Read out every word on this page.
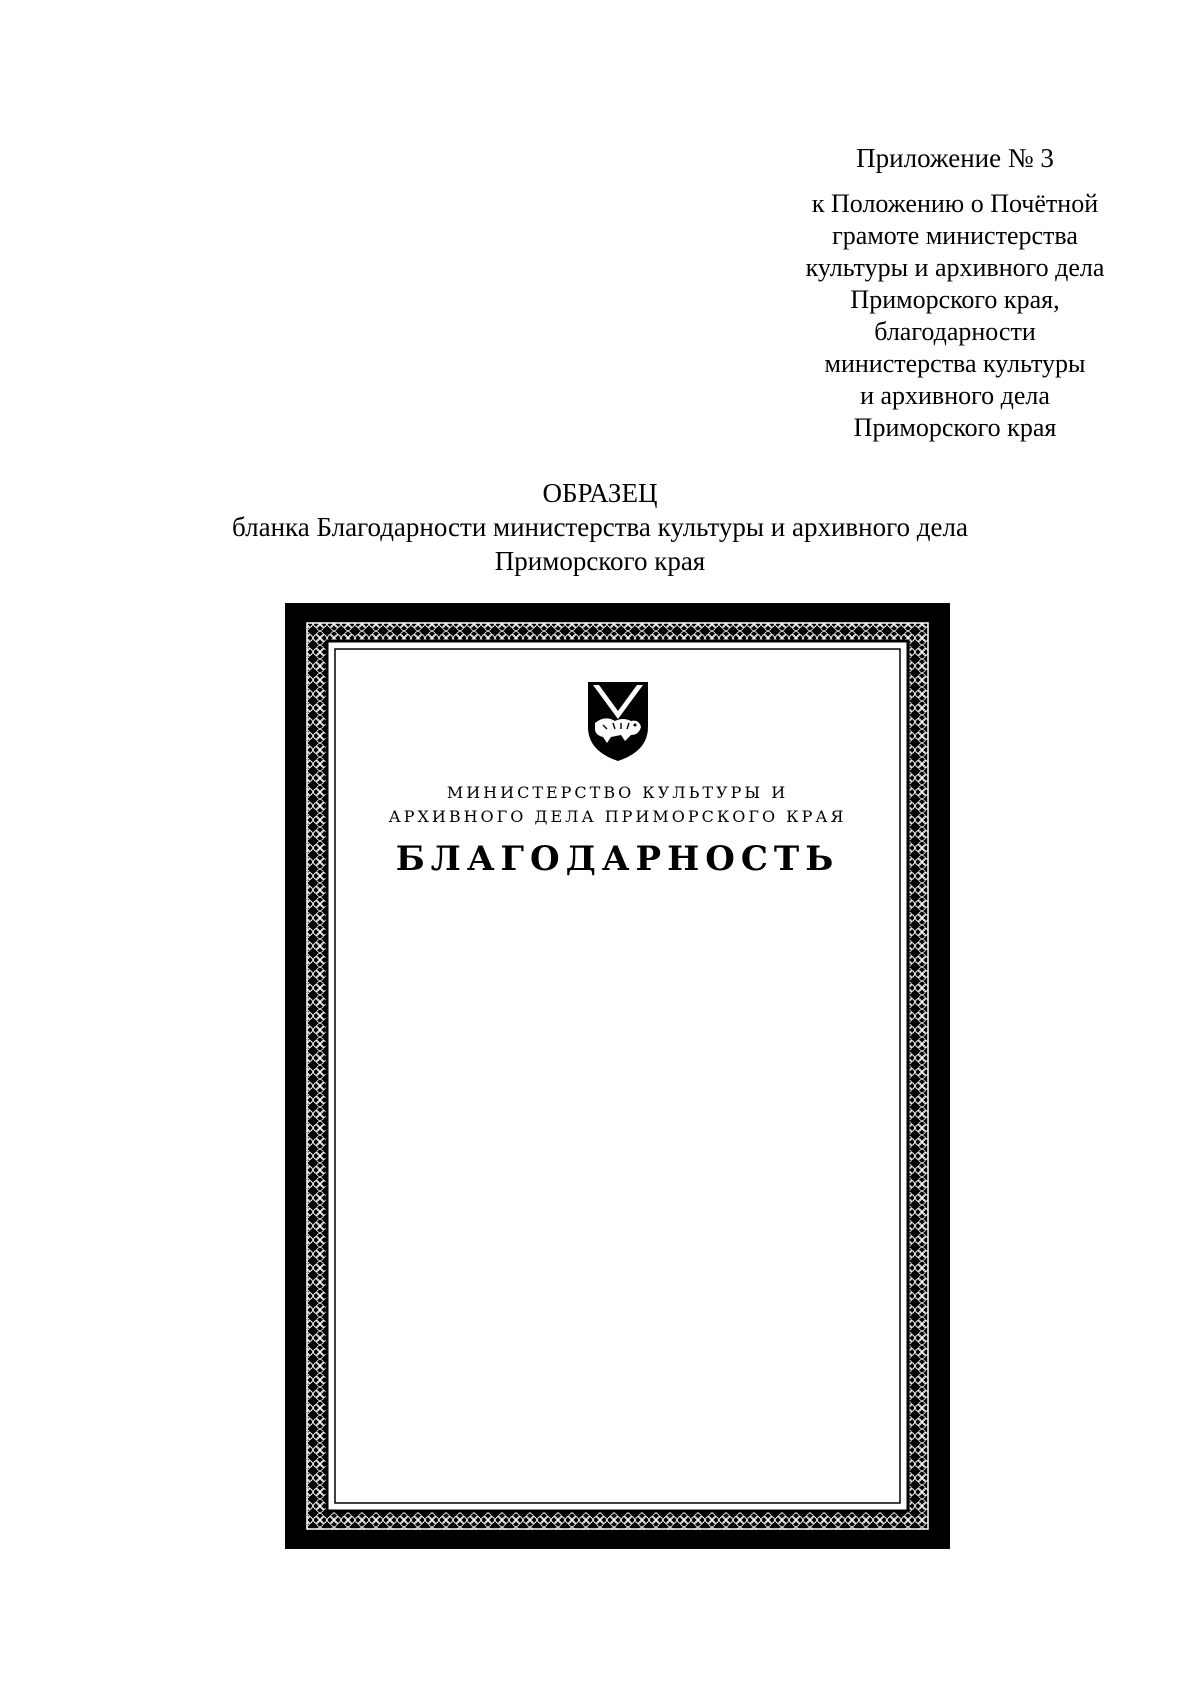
Приложение № 3
к Положению о Почётной
грамоте министерства
культуры и архивного дела
Приморского края,
благодарности
министерства культуры
и архивного дела
Приморского края
ОБРАЗЕЦ
бланка Благодарности министерства культуры и архивного дела
Приморского края
МИНИСТЕРСТВО КУЛЬТУРЫ И
АРХИВНОГО ДЕЛА ПРИМОРСКОГО КРАЯ
БЛАГОДАРНОСТЬ
